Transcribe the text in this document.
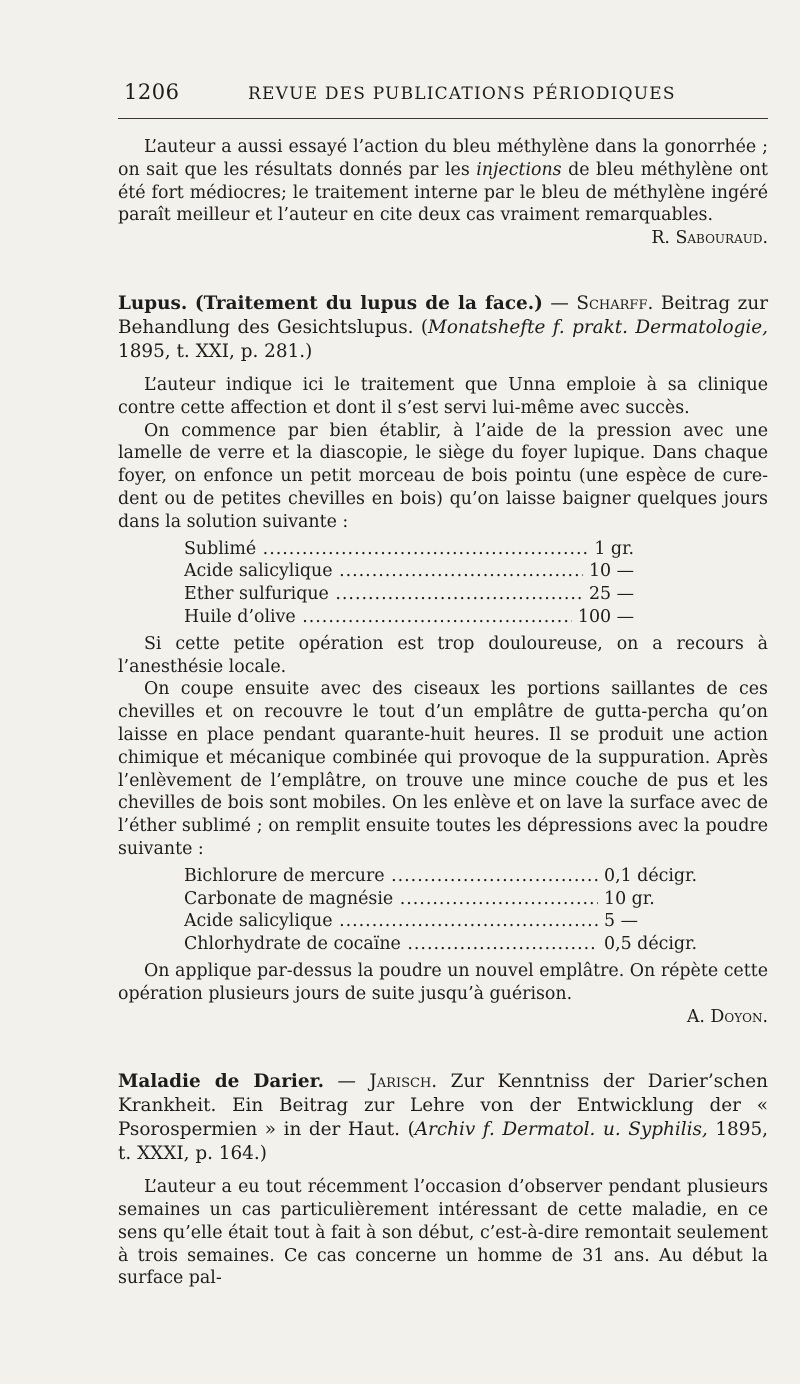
1206	REVUE DES PUBLICATIONS PÉRIODIQUES

L’auteur a aussi essayé l’action du bleu méthylène dans la gonorrhée ; on sait que les résultats donnés par les injections de bleu méthylène ont été fort médiocres; le traitement interne par le bleu de méthylène ingéré paraît meilleur et l’auteur en cite deux cas vraiment remarquables.

R. Sabouraud.

Lupus. (Traitement du lupus de la face.) — Scharff. Beitrag zur Behandlung des Gesichtslupus. (Monatshefte f. prakt. Dermatologie, 1895, t. XXI, p. 281.)

L’auteur indique ici le traitement que Unna emploie à sa clinique contre cette affection et dont il s’est servi lui-même avec succès.

On commence par bien établir, à l’aide de la pression avec une lamelle de verre et la diascopie, le siège du foyer lupique. Dans chaque foyer, on enfonce un petit morceau de bois pointu (une espèce de cure-dent ou de petites chevilles en bois) qu’on laisse baigner quelques jours dans la solution suivante :

Sublimé .....	1 gr.
Acide salicylique .....	10 —
Ether sulfurique .....	25 —
Huile d’olive .....	100 —

Si cette petite opération est trop douloureuse, on a recours à l’anesthésie locale.

On coupe ensuite avec des ciseaux les portions saillantes de ces chevilles et on recouvre le tout d’un emplâtre de gutta-percha qu’on laisse en place pendant quarante-huit heures. Il se produit une action chimique et mécanique combinée qui provoque de la suppuration. Après l’enlèvement de l’emplâtre, on trouve une mince couche de pus et les chevilles de bois sont mobiles. On les enlève et on lave la surface avec de l’éther sublimé ; on remplit ensuite toutes les dépressions avec la poudre suivante :

Bichlorure de mercure .....	0,1 décigr.
Carbonate de magnésie .....	10 gr.
Acide salicylique .....	5 —
Chlorhydrate de cocaïne .....	0,5 décigr.

On applique par-dessus la poudre un nouvel emplâtre. On répète cette opération plusieurs jours de suite jusqu’à guérison.

A. Doyon.

Maladie de Darier. — Jarisch. Zur Kenntniss der Darier’schen Krankheit. Ein Beitrag zur Lehre von der Entwicklung der « Psorospermien » in der Haut. (Archiv f. Dermatol. u. Syphilis, 1895, t. XXXI, p. 164.)

L’auteur a eu tout récemment l’occasion d’observer pendant plusieurs semaines un cas particulièrement intéressant de cette maladie, en ce sens qu’elle était tout à fait à son début, c’est-à-dire remontait seulement à trois semaines. Ce cas concerne un homme de 31 ans. Au début la surface pal-
